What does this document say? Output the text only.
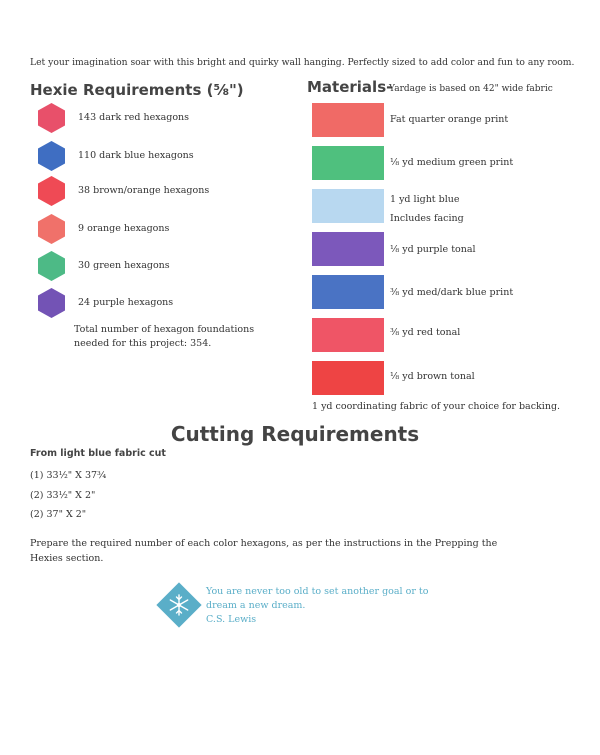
Let your imagination soar with this bright and quirky wall hanging. Perfectly sized to add color and fun to any room.
Hexie Requirements (⅝")
143 dark red hexagons
110 dark blue hexagons
38 brown/orange hexagons
9 orange hexagons
30 green hexagons
24 purple hexagons
Total number of hexagon foundations
needed for this project: 354.
Materials-
Yardage is based on 42" wide fabric
Fat quarter orange print
⅛ yd medium green print
1 yd light blue
Includes facing
⅛ yd purple tonal
⅜ yd med/dark blue print
⅜ yd red tonal
⅛ yd brown tonal
1 yd coordinating fabric of your choice for backing.
Cutting Requirements
From light blue fabric cut
(1) 33½" X 37¾
(2) 33½" X 2"
(2) 37" X 2"
Prepare the required number of each color hexagons, as per the instructions in the Prepping the Hexies section.
You are never too old to set another goal or to
dream a new dream.
C.S. Lewis
